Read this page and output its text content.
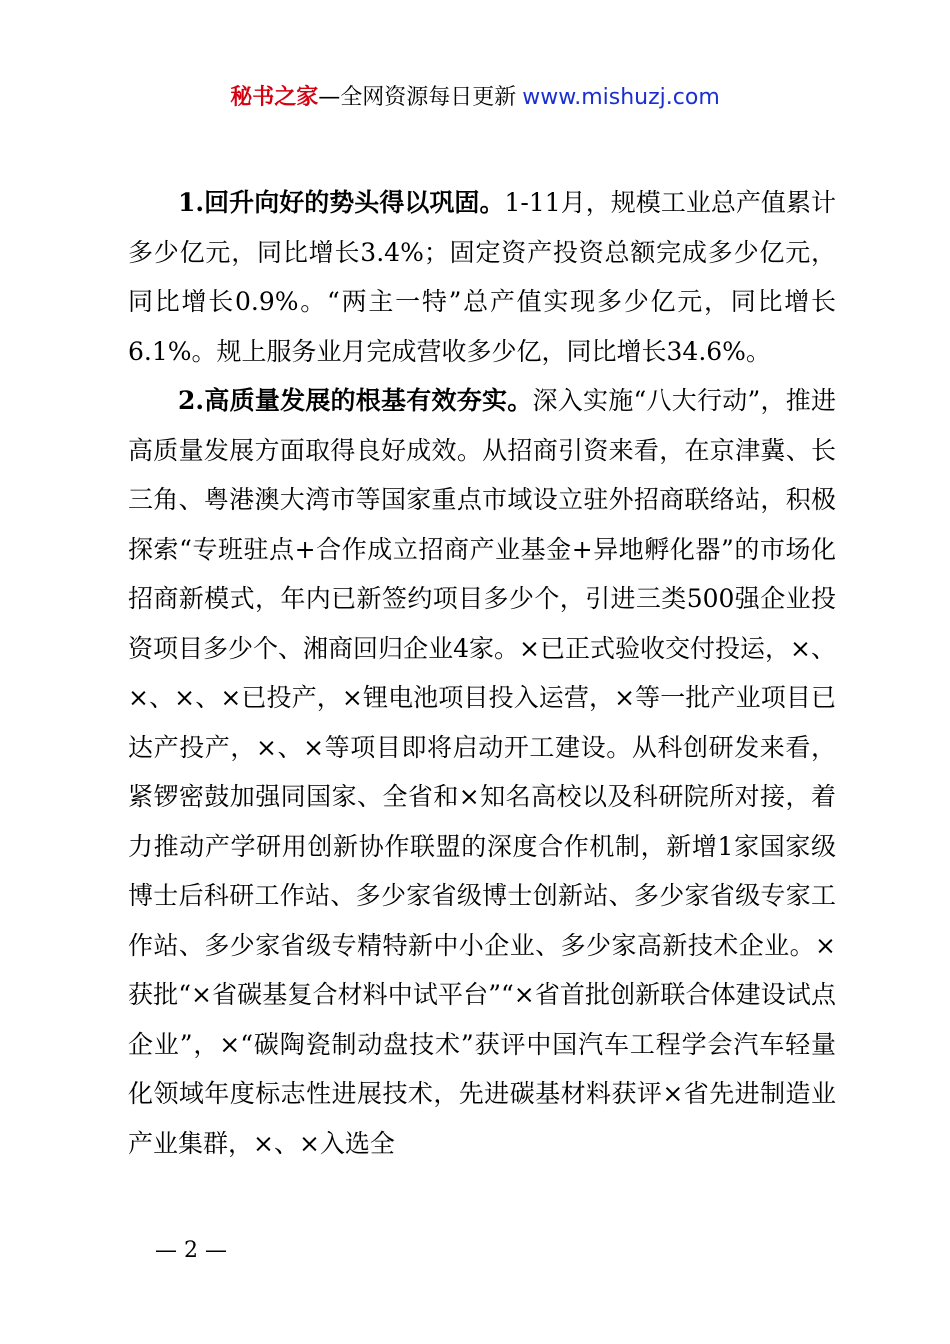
秘书之家—全网资源每日更新 www.mishuzj.com

1.回升向好的势头得以巩固。1-11月，规模工业总产值累计多少亿元，同比增长3.4%；固定资产投资总额完成多少亿元，同比增长0.9%。“两主一特”总产值实现多少亿元，同比增长6.1%。规上服务业月完成营收多少亿，同比增长34.6%。

2.高质量发展的根基有效夯实。深入实施“八大行动”，推进高质量发展方面取得良好成效。从招商引资来看，在京津冀、长三角、粤港澳大湾市等国家重点市域设立驻外招商联络站，积极探索“专班驻点+合作成立招商产业基金+异地孵化器”的市场化招商新模式，年内已新签约项目多少个，引进三类500强企业投资项目多少个、湘商回归企业4家。×已正式验收交付投运，×、×、×、×已投产，×锂电池项目投入运营，×等一批产业项目已达产投产，×、×等项目即将启动开工建设。从科创研发来看，紧锣密鼓加强同国家、全省和×知名高校以及科研院所对接，着力推动产学研用创新协作联盟的深度合作机制，新增1家国家级博士后科研工作站、多少家省级博士创新站、多少家省级专家工作站、多少家省级专精特新中小企业、多少家高新技术企业。×获批“×省碳基复合材料中试平台”“×省首批创新联合体建设试点企业”，×“碳陶瓷制动盘技术”获评中国汽车工程学会汽车轻量化领域年度标志性进展技术，先进碳基材料获评×省先进制造业产业集群，×、×入选全

— 2 —
